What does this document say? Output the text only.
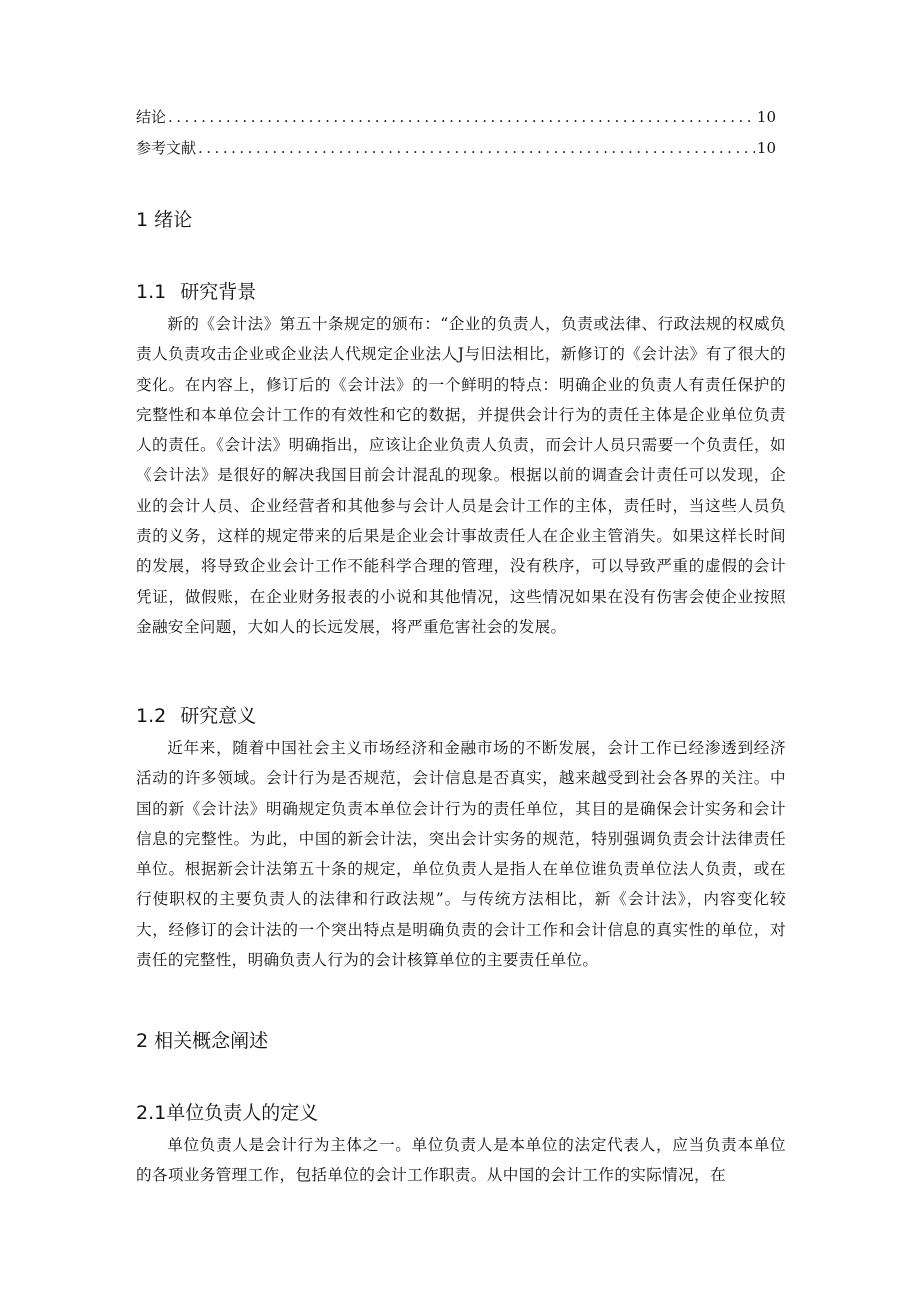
结论 .....	10
参考文献 .....	10
1 绪论
1.1 研究背景

新的《会计法》第五十条规定的颁布：“企业的负责人，负责或法律、行政法规的权威负责人负责攻击企业或企业法人代规定企业法人J与旧法相比，新修订的《会计法》有了很大的变化。在内容上，修订后的《会计法》的一个鲜明的特点：明确企业的负责人有责任保护的完整性和本单位会计工作的有效性和它的数据，并提供会计行为的责任主体是企业单位负责人的责任。《会计法》明确指出，应该让企业负责人负责，而会计人员只需要一个负责任，如《会计法》是很好的解决我国目前会计混乱的现象。根据以前的调查会计责任可以发现，企业的会计人员、企业经营者和其他参与会计人员是会计工作的主体，责任时，当这些人员负责的义务，这样的规定带来的后果是企业会计事故责任人在企业主管消失。如果这样长时间的发展，将导致企业会计工作不能科学合理的管理，没有秩序，可以导致严重的虚假的会计凭证，做假账，在企业财务报表的小说和其他情况，这些情况如果在没有伤害会使企业按照金融安全问题，大如人的长远发展，将严重危害社会的发展。

1.2 研究意义

近年来，随着中国社会主义市场经济和金融市场的不断发展，会计工作已经渗透到经济活动的许多领域。会计行为是否规范，会计信息是否真实，越来越受到社会各界的关注。中国的新《会计法》明确规定负责本单位会计行为的责任单位，其目的是确保会计实务和会计信息的完整性。为此，中国的新会计法，突出会计实务的规范，特别强调负责会计法律责任单位。根据新会计法第五十条的规定，单位负责人是指人在单位谁负责单位法人负责，或在行使职权的主要负责人的法律和行政法规”。与传统方法相比，新《会计法》，内容变化较大，经修订的会计法的一个突出特点是明确负责的会计工作和会计信息的真实性的单位，对责任的完整性，明确负责人行为的会计核算单位的主要责任单位。

2 相关概念阐述
2.1单位负责人的定义

单位负责人是会计行为主体之一。单位负责人是本单位的法定代表人，应当负责本单位的各项业务管理工作，包括单位的会计工作职责。从中国的会计工作的实际情况，在
